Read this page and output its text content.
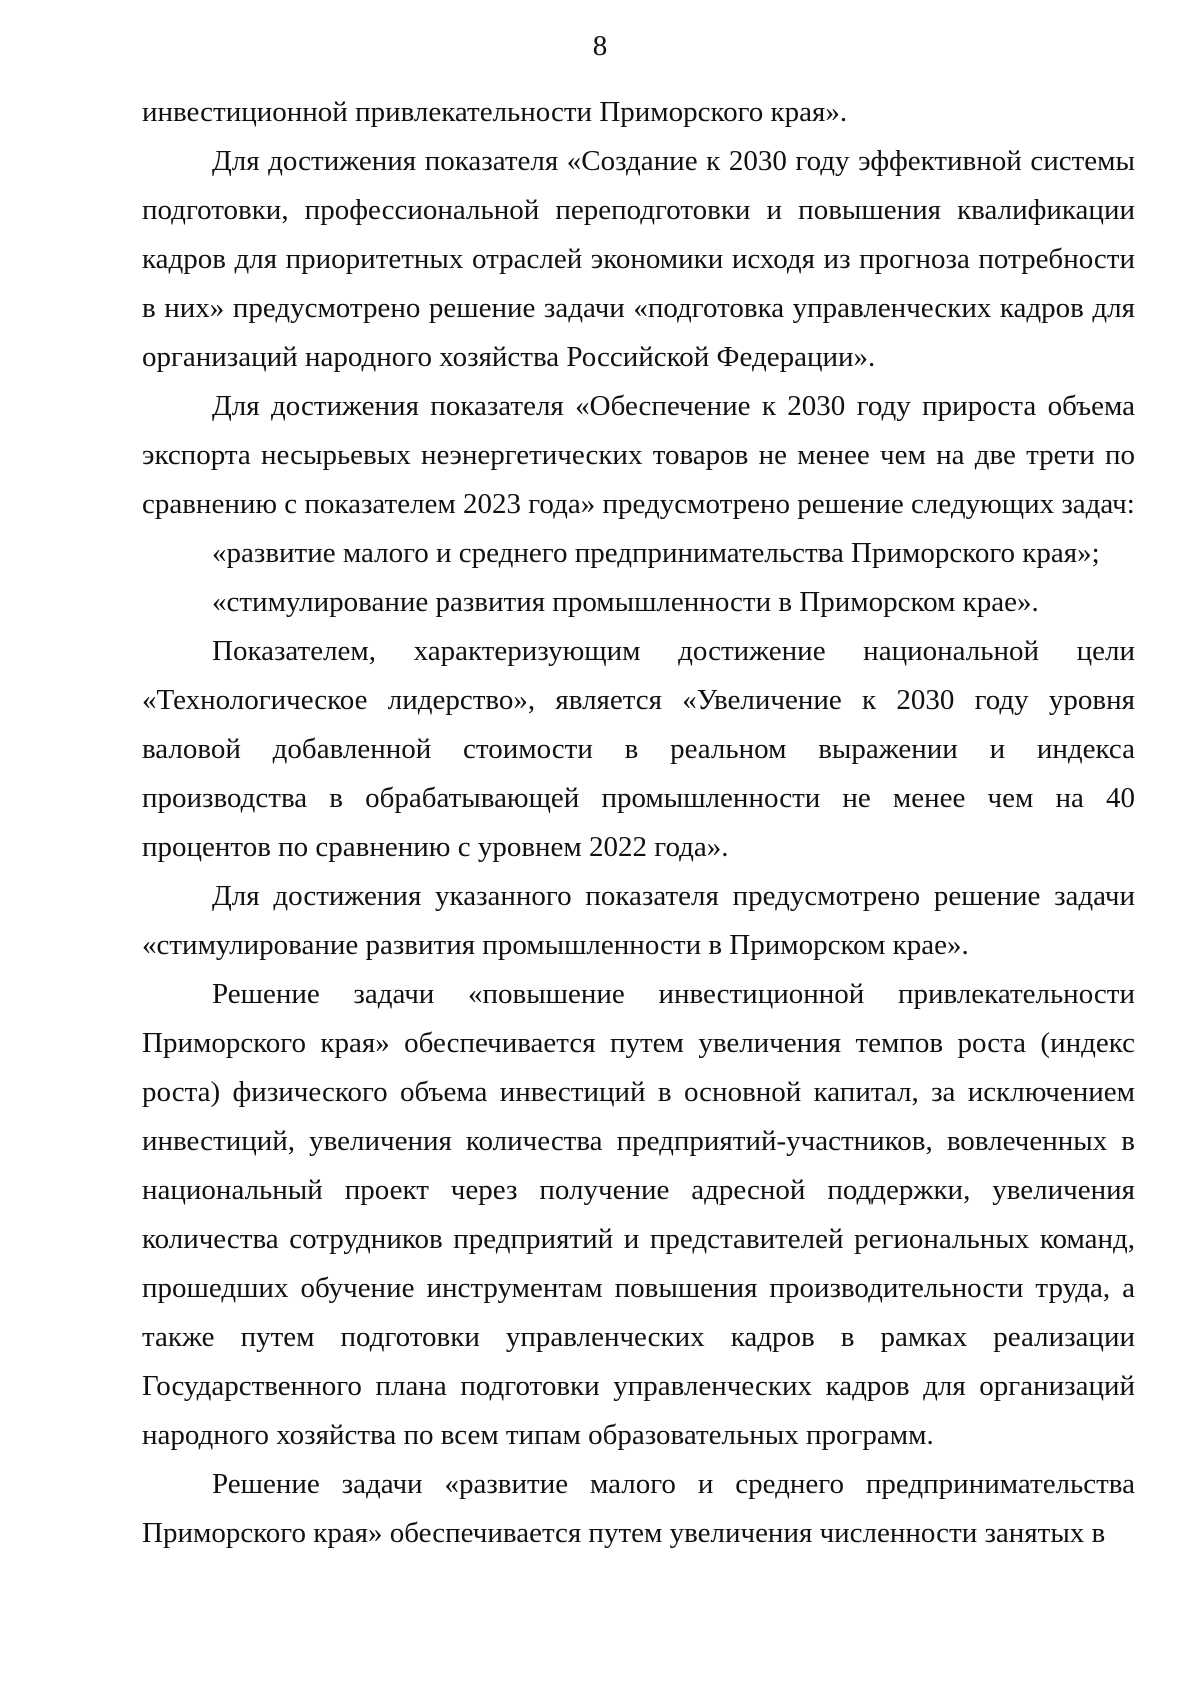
8

инвестиционной привлекательности Приморского края».

Для достижения показателя «Создание к 2030 году эффективной системы подготовки, профессиональной переподготовки и повышения квалификации кадров для приоритетных отраслей экономики исходя из прогноза потребности в них» предусмотрено решение задачи «подготовка управленческих кадров для организаций народного хозяйства Российской Федерации».

Для достижения показателя «Обеспечение к 2030 году прироста объема экспорта несырьевых неэнергетических товаров не менее чем на две трети по сравнению с показателем 2023 года» предусмотрено решение следующих задач:

«развитие малого и среднего предпринимательства Приморского края»;

«стимулирование развития промышленности в Приморском крае».

Показателем, характеризующим достижение национальной цели «Технологическое лидерство», является «Увеличение к 2030 году уровня валовой добавленной стоимости в реальном выражении и индекса производства в обрабатывающей промышленности не менее чем на 40 процентов по сравнению с уровнем 2022 года».

Для достижения указанного показателя предусмотрено решение задачи «стимулирование развития промышленности в Приморском крае».

Решение задачи «повышение инвестиционной привлекательности Приморского края» обеспечивается путем увеличения темпов роста (индекс роста) физического объема инвестиций в основной капитал, за исключением инвестиций, увеличения количества предприятий-участников, вовлеченных в национальный проект через получение адресной поддержки, увеличения количества сотрудников предприятий и представителей региональных команд, прошедших обучение инструментам повышения производительности труда, а также путем подготовки управленческих кадров в рамках реализации Государственного плана подготовки управленческих кадров для организаций народного хозяйства по всем типам образовательных программ.

Решение задачи «развитие малого и среднего предпринимательства Приморского края» обеспечивается путем увеличения численности занятых в
